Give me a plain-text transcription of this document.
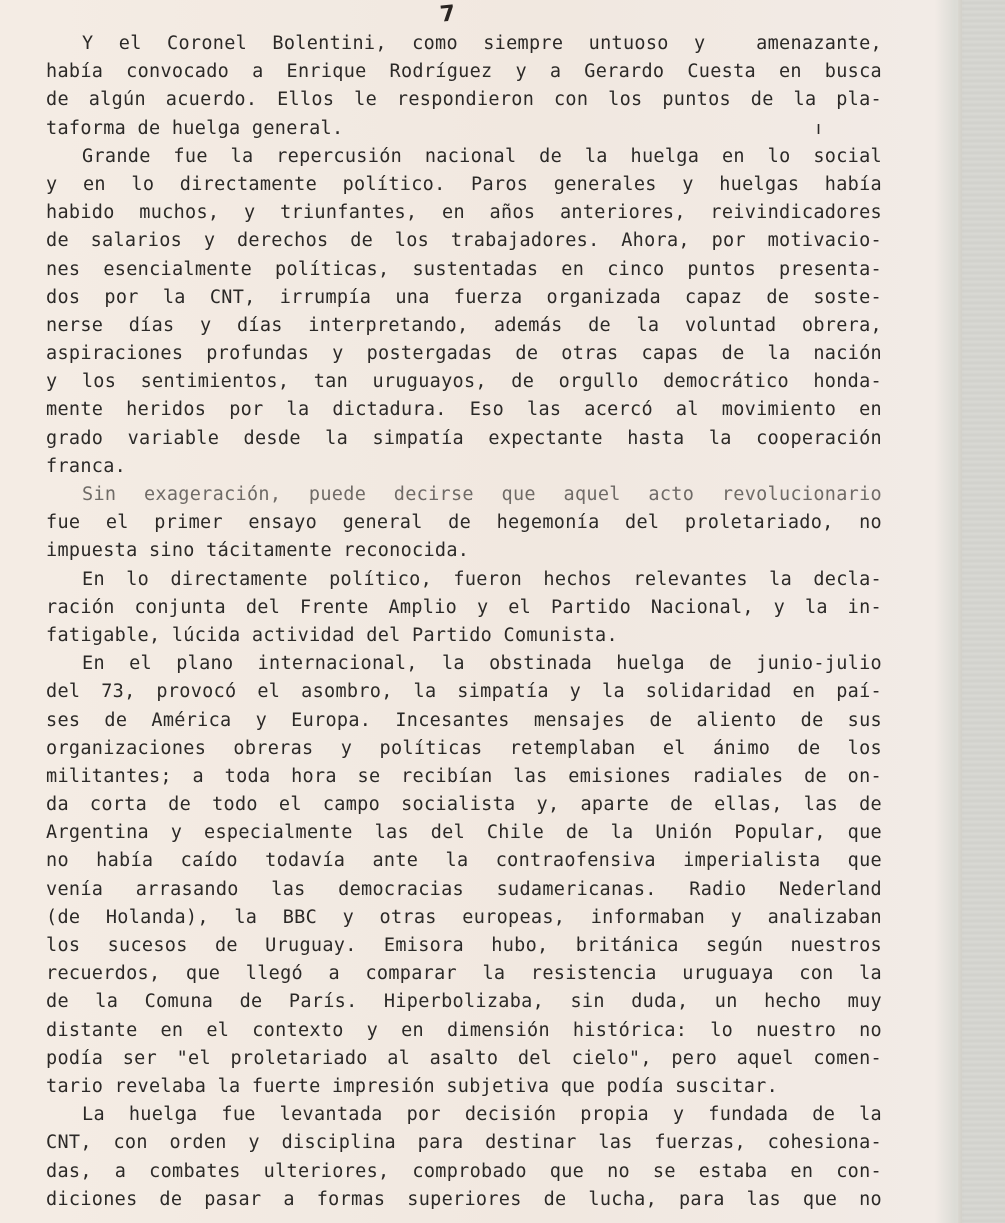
7
ı
Y el Coronel Bolentini, como siempre untuoso y  amenazante,
había convocado a Enrique Rodríguez y a Gerardo Cuesta en busca
de algún acuerdo. Ellos le respondieron con los puntos de la pla-
taforma de huelga general.
Grande fue la repercusión nacional de la huelga en lo social
y en lo directamente político. Paros generales y huelgas había
habido muchos, y triunfantes, en años anteriores, reivindicadores
de salarios y derechos de los trabajadores. Ahora, por motivacio-
nes esencialmente políticas, sustentadas en cinco puntos presenta-
dos por la CNT, irrumpía una fuerza organizada capaz de soste-
nerse días y días interpretando, además de la voluntad obrera,
aspiraciones profundas y postergadas de otras capas de la nación
y los sentimientos, tan uruguayos, de orgullo democrático honda-
mente heridos por la dictadura. Eso las acercó al movimiento en
grado variable desde la simpatía expectante hasta la cooperación
franca.
Sin exageración, puede decirse que aquel acto revolucionario
fue el primer ensayo general de hegemonía del proletariado, no
impuesta sino tácitamente reconocida.
En lo directamente político, fueron hechos relevantes la decla-
ración conjunta del Frente Amplio y el Partido Nacional, y la in-
fatigable, lúcida actividad del Partido Comunista.
En el plano internacional, la obstinada huelga de junio-julio
del 73, provocó el asombro, la simpatía y la solidaridad en paí-
ses de América y Europa. Incesantes mensajes de aliento de sus
organizaciones obreras y políticas retemplaban el ánimo de los
militantes; a toda hora se recibían las emisiones radiales de on-
da corta de todo el campo socialista y, aparte de ellas, las de
Argentina y especialmente las del Chile de la Unión Popular, que
no había caído todavía ante la contraofensiva imperialista que
venía arrasando las democracias sudamericanas. Radio Nederland
(de Holanda), la BBC y otras europeas, informaban y analizaban
los sucesos de Uruguay. Emisora hubo, británica según nuestros
recuerdos, que llegó a comparar la resistencia uruguaya con la
de la Comuna de París. Hiperbolizaba, sin duda, un hecho muy
distante en el contexto y en dimensión histórica: lo nuestro no
podía ser "el proletariado al asalto del cielo", pero aquel comen-
tario revelaba la fuerte impresión subjetiva que podía suscitar.
La huelga fue levantada por decisión propia y fundada de la
CNT, con orden y disciplina para destinar las fuerzas, cohesiona-
das, a combates ulteriores, comprobado que no se estaba en con-
diciones de pasar a formas superiores de lucha, para las que no
